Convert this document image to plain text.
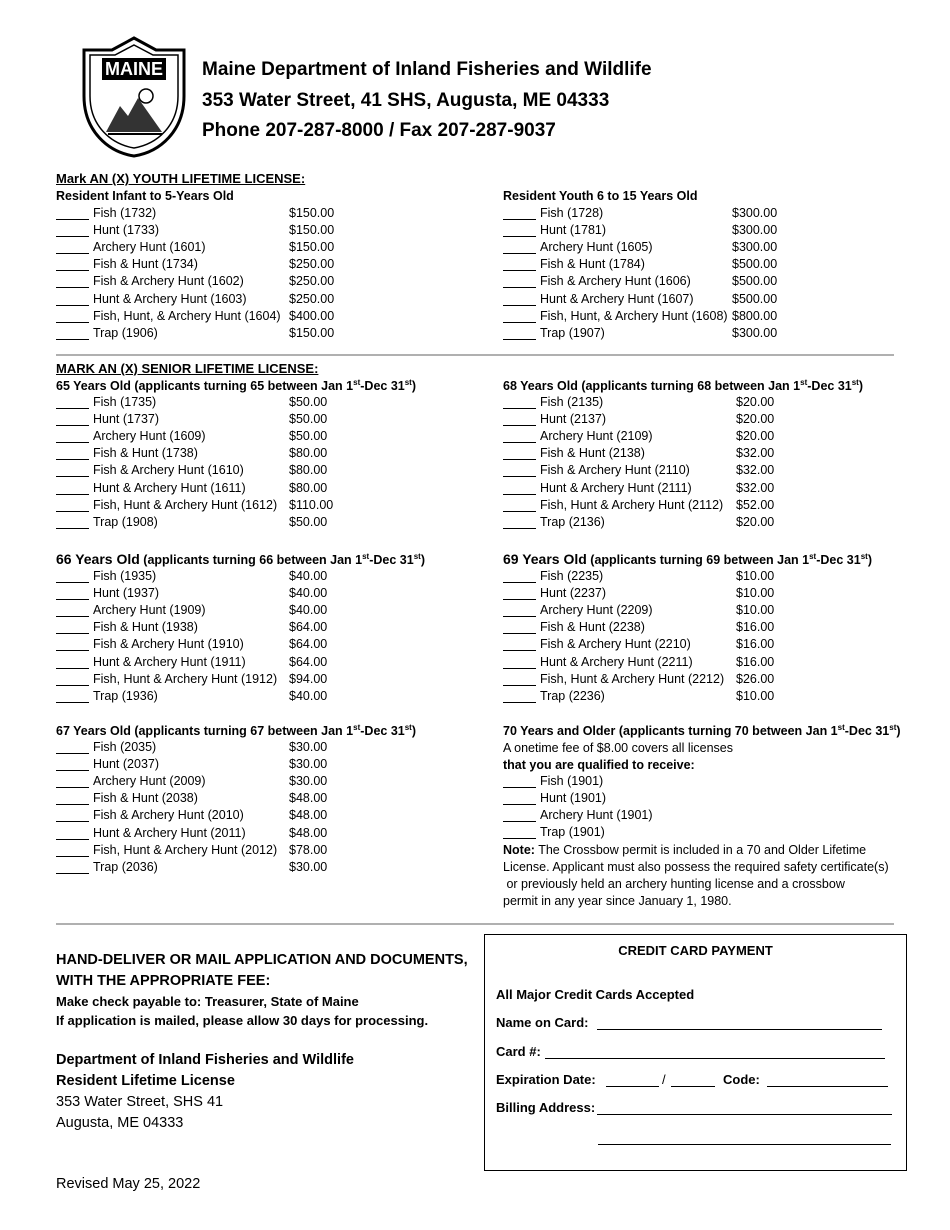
MAINE Maine Department of Inland Fisheries and Wildlife
353 Water Street, 41 SHS, Augusta, ME 04333
Phone 207-287-8000 / Fax 207-287-9037
Mark AN (X) YOUTH LIFETIME LICENSE:
Resident Infant to 5-Years Old
Fish (1732)	$150.00
Hunt (1733)	$150.00
Archery Hunt (1601)	$150.00
Fish & Hunt (1734)	$250.00
Fish & Archery Hunt (1602)	$250.00
Hunt & Archery Hunt (1603)	$250.00
Fish, Hunt, & Archery Hunt (1604) $400.00
Trap (1906)	$150.00
Resident Youth 6 to 15 Years Old
Fish (1728)	$300.00
Hunt (1781)	$300.00
Archery Hunt (1605)	$300.00
Fish & Hunt (1784)	$500.00
Fish & Archery Hunt (1606)	$500.00
Hunt & Archery Hunt (1607)	$500.00
Fish, Hunt, & Archery Hunt (1608) $800.00
Trap (1907)	$300.00
MARK AN (X) SENIOR LIFETIME LICENSE:
65 Years Old (applicants turning 65 between Jan 1st-Dec 31st)
Fish (1735)	$50.00
Hunt (1737)	$50.00
Archery Hunt (1609)	$50.00
Fish & Hunt (1738)	$80.00
Fish & Archery Hunt (1610)	$80.00
Hunt & Archery Hunt (1611)	$80.00
Fish, Hunt & Archery Hunt (1612) $110.00
Trap (1908)	$50.00
68 Years Old (applicants turning 68 between Jan 1st-Dec 31st)
Fish (2135)	$20.00
Hunt (2137)	$20.00
Archery Hunt (2109)	$20.00
Fish & Hunt (2138)	$32.00
Fish & Archery Hunt (2110)	$32.00
Hunt & Archery Hunt (2111)	$32.00
Fish, Hunt & Archery Hunt (2112) $52.00
Trap (2136)	$20.00
66 Years Old (applicants turning 66 between Jan 1st-Dec 31st)
Fish (1935)	$40.00
Hunt (1937)	$40.00
Archery Hunt (1909)	$40.00
Fish & Hunt (1938)	$64.00
Fish & Archery Hunt (1910)	$64.00
Hunt & Archery Hunt (1911)	$64.00
Fish, Hunt & Archery Hunt (1912) $94.00
Trap (1936)	$40.00
69 Years Old (applicants turning 69 between Jan 1st-Dec 31st)
Fish (2235)	$10.00
Hunt (2237)	$10.00
Archery Hunt (2209)	$10.00
Fish & Hunt (2238)	$16.00
Fish & Archery Hunt (2210)	$16.00
Hunt & Archery Hunt (2211)	$16.00
Fish, Hunt & Archery Hunt (2212) $26.00
Trap (2236)	$10.00
67 Years Old (applicants turning 67 between Jan 1st-Dec 31st)
Fish (2035)	$30.00
Hunt (2037)	$30.00
Archery Hunt (2009)	$30.00
Fish & Hunt (2038)	$48.00
Fish & Archery Hunt (2010)	$48.00
Hunt & Archery Hunt (2011)	$48.00
Fish, Hunt & Archery Hunt (2012) $78.00
Trap (2036)	$30.00
70 Years and Older (applicants turning 70 between Jan 1st-Dec 31st)
A onetime fee of $8.00 covers all licenses
that you are qualified to receive:
Fish (1901)
Hunt (1901)
Archery Hunt (1901)
Trap (1901)
Note: The Crossbow permit is included in a 70 and Older Lifetime
License. Applicant must also possess the required safety certificate(s)
or previously held an archery hunting license and a crossbow
permit in any year since January 1, 1980.
HAND-DELIVER OR MAIL APPLICATION AND DOCUMENTS,
WITH THE APPROPRIATE FEE:
Make check payable to: Treasurer, State of Maine
If application is mailed, please allow 30 days for processing.
Department of Inland Fisheries and Wildlife
Resident Lifetime License
353 Water Street, SHS 41
Augusta, ME 04333
CREDIT CARD PAYMENT
All Major Credit Cards Accepted
Name on Card:
Card #:
Expiration Date:	/	Code:
Billing Address:
Revised May 25, 2022
